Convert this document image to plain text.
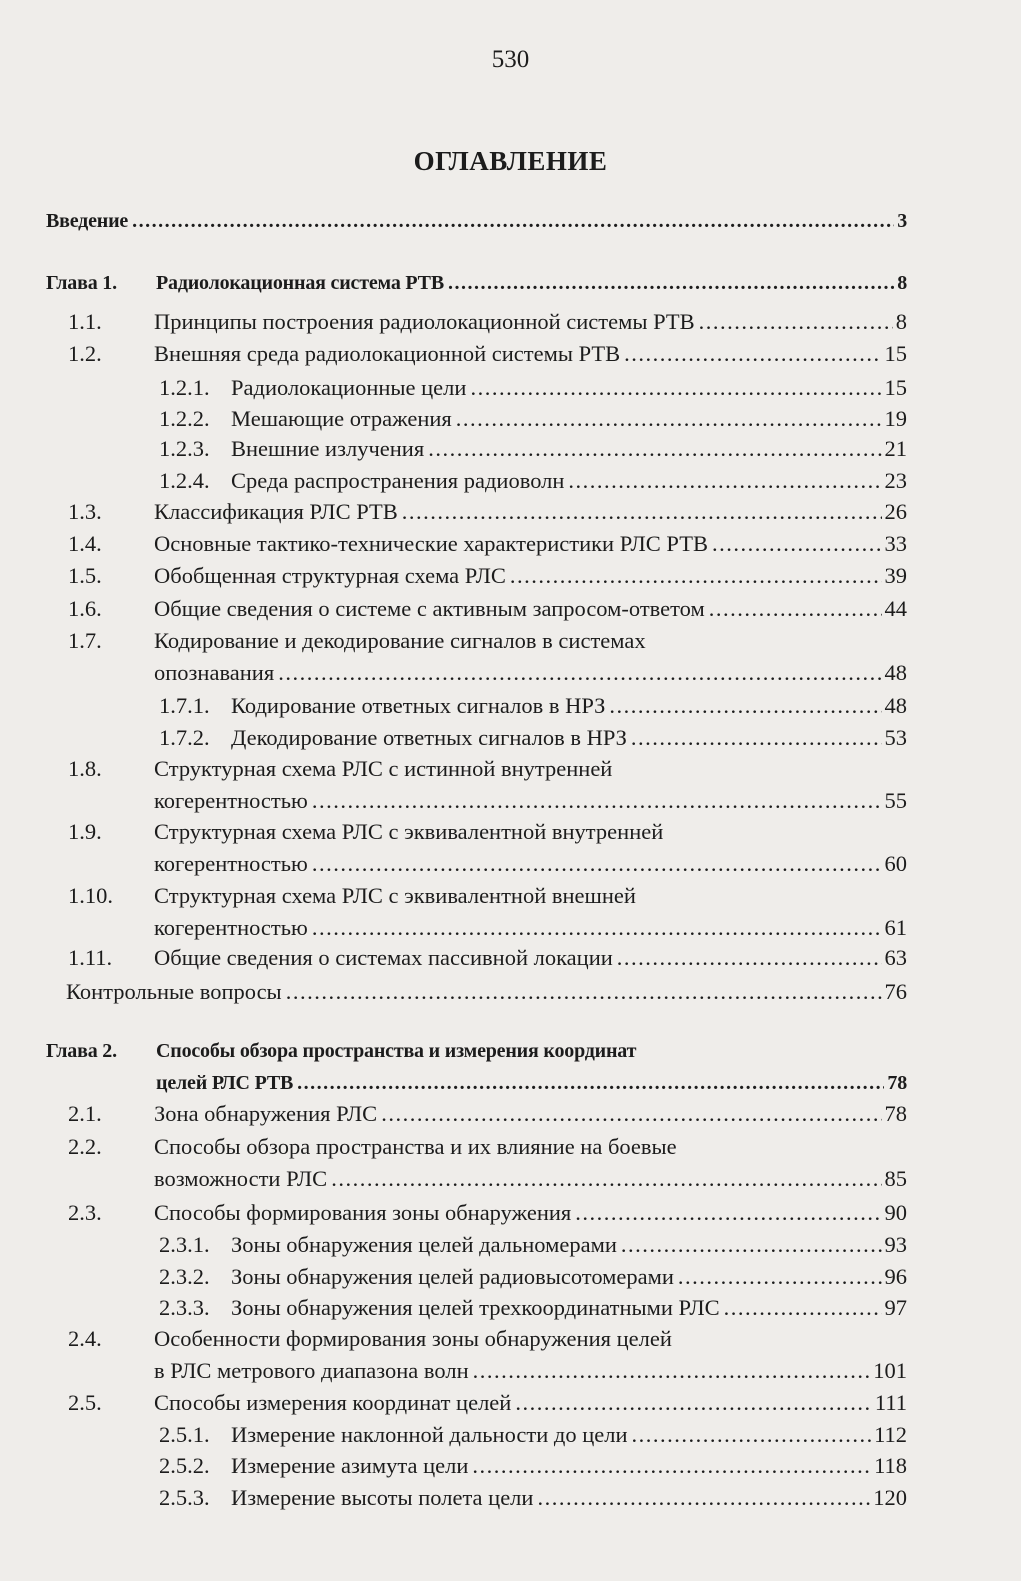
530
ОГЛАВЛЕНИЕ
Введение .....	3
Глава 1. Радиолокационная система РТВ .....	8
1.1. Принципы построения радиолокационной системы РТВ .....	8
1.2. Внешняя среда радиолокационной системы РТВ .....	15
1.2.1. Радиолокационные цели .....	15
1.2.2. Мешающие отражения .....	19
1.2.3. Внешние излучения .....	21
1.2.4. Среда распространения радиоволн .....	23
1.3. Классификация РЛС РТВ .....	26
1.4. Основные тактико-технические характеристики РЛС РТВ .....	33
1.5. Обобщенная структурная схема РЛС .....	39
1.6. Общие сведения о системе с активным запросом-ответом .....	44
1.7. Кодирование и декодирование сигналов в системах
опознавания .....	48
1.7.1. Кодирование ответных сигналов в НРЗ .....	48
1.7.2. Декодирование ответных сигналов в НРЗ .....	53
1.8. Структурная схема РЛС с истинной внутренней
когерентностью .....	55
1.9. Структурная схема РЛС с эквивалентной внутренней
когерентностью .....	60
1.10. Структурная схема РЛС с эквивалентной внешней
когерентностью .....	61
1.11. Общие сведения о системах пассивной локации .....	63
Контрольные вопросы .....	76
Глава 2. Способы обзора пространства и измерения координат
целей РЛС РТВ .....	78
2.1. Зона обнаружения РЛС .....	78
2.2. Способы обзора пространства и их влияние на боевые
возможности РЛС .....	85
2.3. Способы формирования зоны обнаружения .....	90
2.3.1. Зоны обнаружения целей дальномерами .....	93
2.3.2. Зоны обнаружения целей радиовысотомерами .....	96
2.3.3. Зоны обнаружения целей трехкоординатными РЛС .....	97
2.4. Особенности формирования зоны обнаружения целей
в РЛС метрового диапазона волн .....	101
2.5. Способы измерения координат целей .....	111
2.5.1. Измерение наклонной дальности до цели .....	112
2.5.2. Измерение азимута цели .....	118
2.5.3. Измерение высоты полета цели .....	120
